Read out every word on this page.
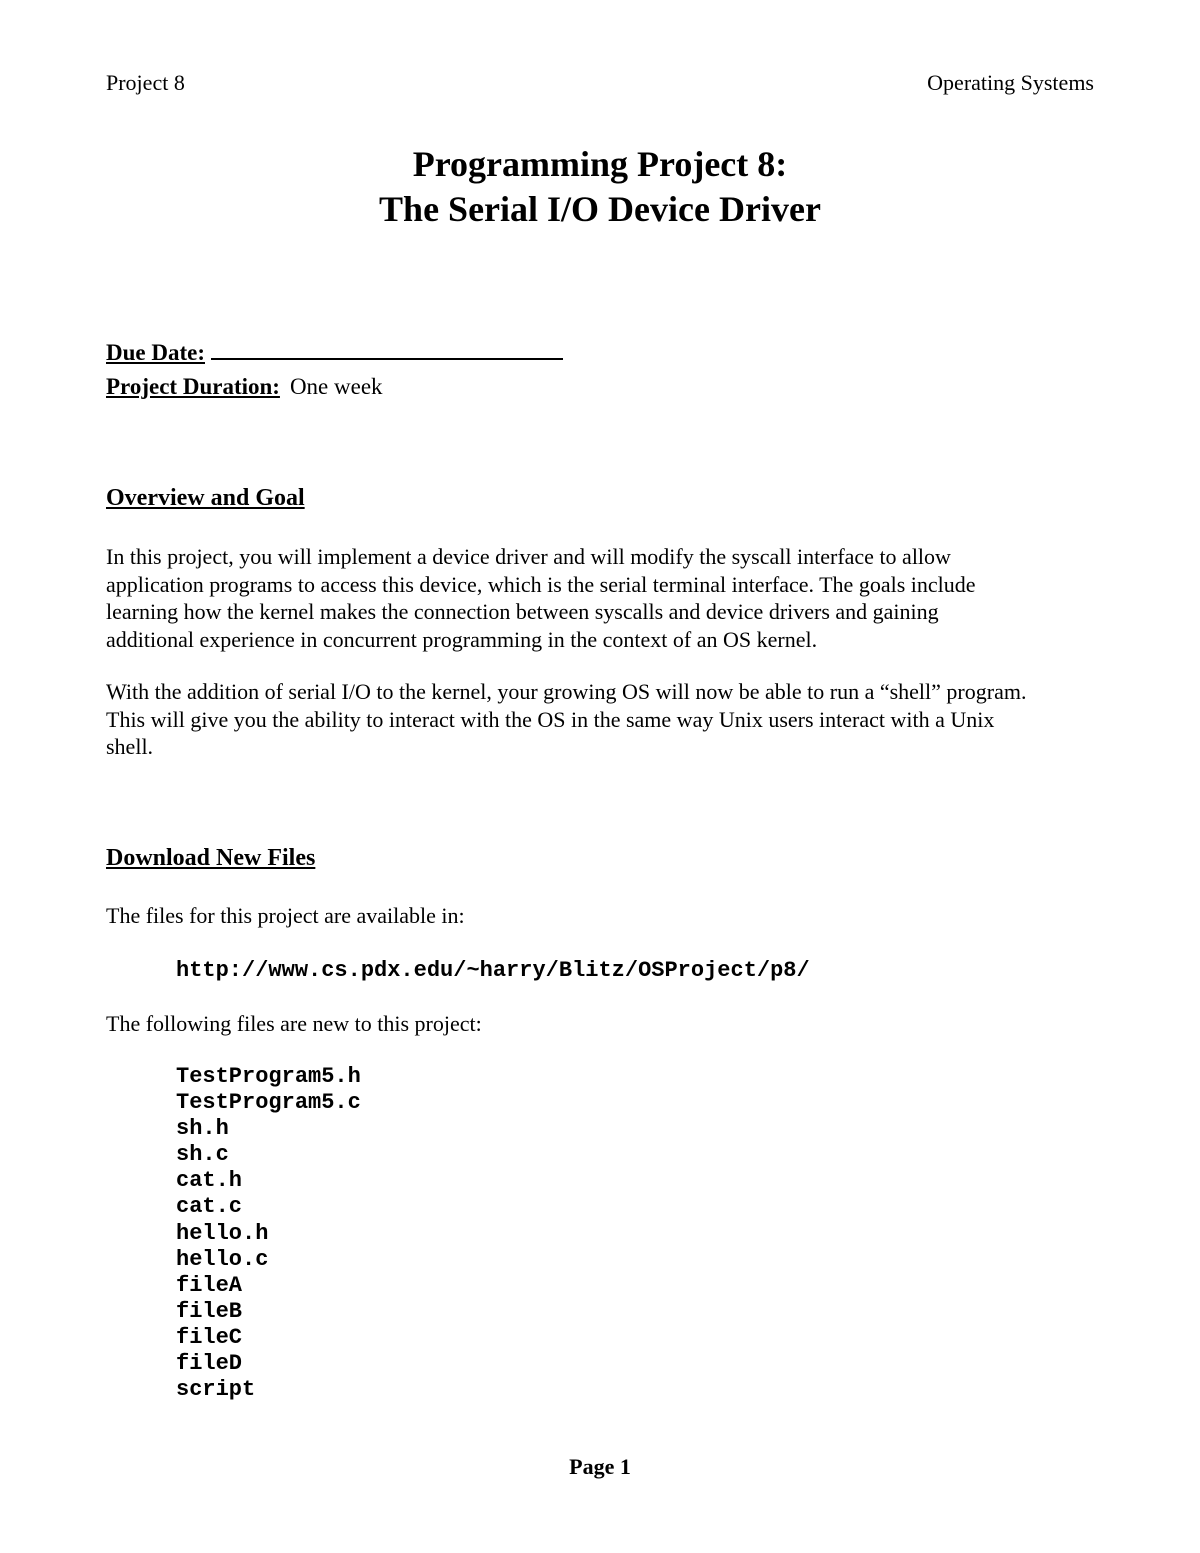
Project 8	Operating Systems
Programming Project 8:
The Serial I/O Device Driver
Due Date:
Project Duration: One week
Overview and Goal
In this project, you will implement a device driver and will modify the syscall interface to allow
application programs to access this device, which is the serial terminal interface. The goals include
learning how the kernel makes the connection between syscalls and device drivers and gaining
additional experience in concurrent programming in the context of an OS kernel.
With the addition of serial I/O to the kernel, your growing OS will now be able to run a “shell” program.
This will give you the ability to interact with the OS in the same way Unix users interact with a Unix
shell.
Download New Files
The files for this project are available in:
http://www.cs.pdx.edu/~harry/Blitz/OSProject/p8/
The following files are new to this project:
TestProgram5.h
TestProgram5.c
sh.h
sh.c
cat.h
cat.c
hello.h
hello.c
fileA
fileB
fileC
fileD
script
Page 1
